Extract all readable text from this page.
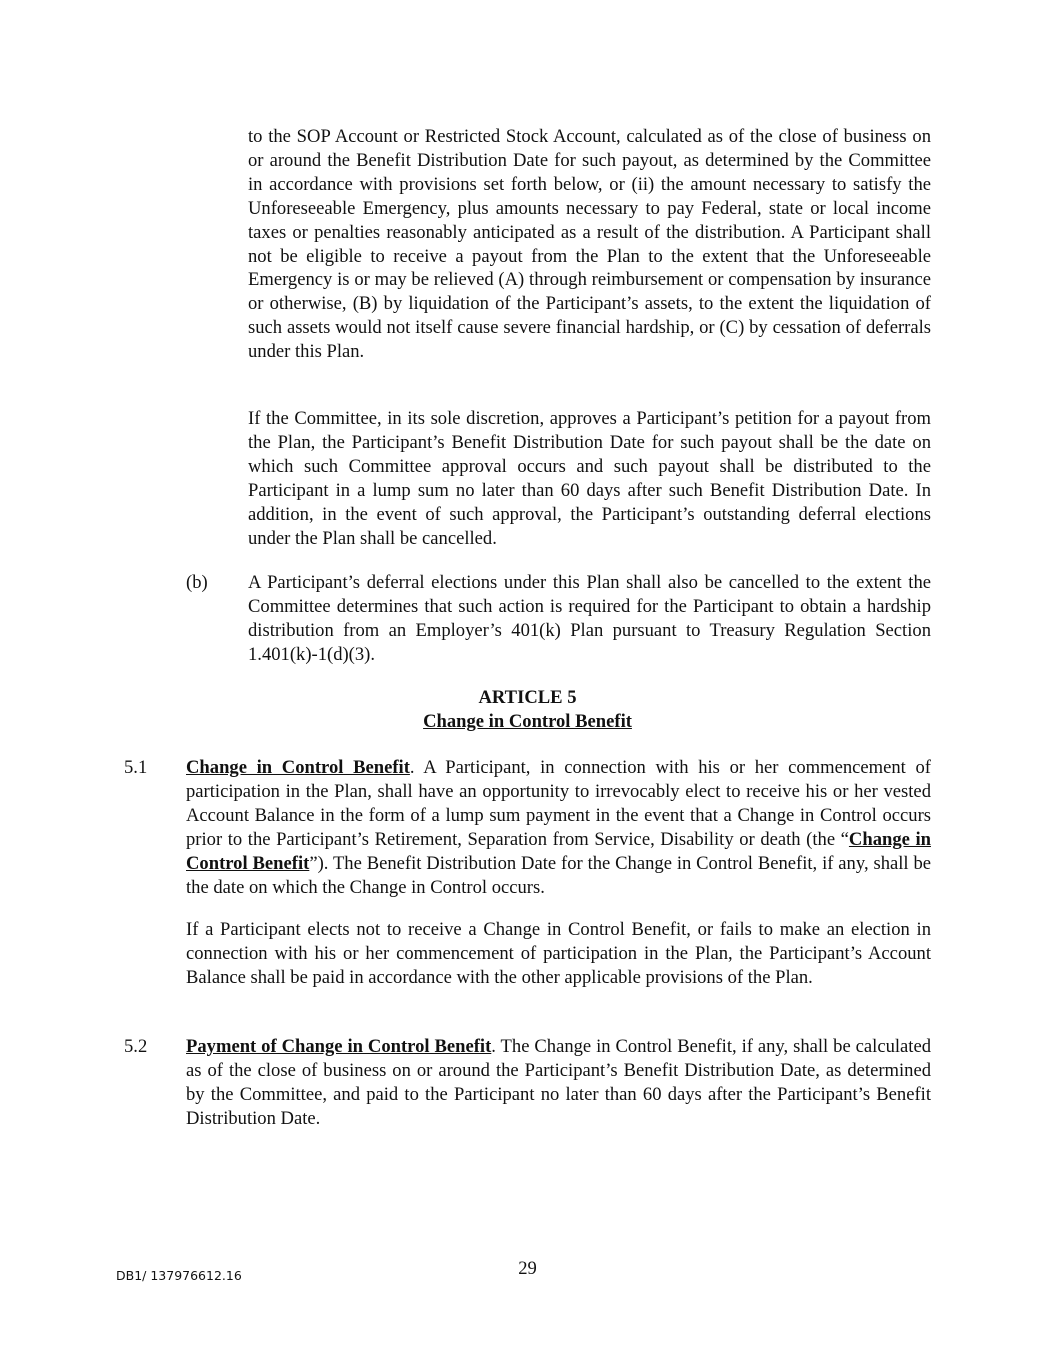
to the SOP Account or Restricted Stock Account, calculated as of the close of business on or around the Benefit Distribution Date for such payout, as determined by the Committee in accordance with provisions set forth below, or (ii) the amount necessary to satisfy the Unforeseeable Emergency, plus amounts necessary to pay Federal, state or local income taxes or penalties reasonably anticipated as a result of the distribution. A Participant shall not be eligible to receive a payout from the Plan to the extent that the Unforeseeable Emergency is or may be relieved (A) through reimbursement or compensation by insurance or otherwise, (B) by liquidation of the Participant’s assets, to the extent the liquidation of such assets would not itself cause severe financial hardship, or (C) by cessation of deferrals under this Plan.

If the Committee, in its sole discretion, approves a Participant’s petition for a payout from the Plan, the Participant’s Benefit Distribution Date for such payout shall be the date on which such Committee approval occurs and such payout shall be distributed to the Participant in a lump sum no later than 60 days after such Benefit Distribution Date. In addition, in the event of such approval, the Participant’s outstanding deferral elections under the Plan shall be cancelled.

(b) A Participant’s deferral elections under this Plan shall also be cancelled to the extent the Committee determines that such action is required for the Participant to obtain a hardship distribution from an Employer’s 401(k) Plan pursuant to Treasury Regulation Section 1.401(k)-1(d)(3).

ARTICLE 5
Change in Control Benefit
5.1 Change in Control Benefit. A Participant, in connection with his or her commencement of participation in the Plan, shall have an opportunity to irrevocably elect to receive his or her vested Account Balance in the form of a lump sum payment in the event that a Change in Control occurs prior to the Participant’s Retirement, Separation from Service, Disability or death (the “Change in Control Benefit”). The Benefit Distribution Date for the Change in Control Benefit, if any, shall be the date on which the Change in Control occurs.

If a Participant elects not to receive a Change in Control Benefit, or fails to make an election in connection with his or her commencement of participation in the Plan, the Participant’s Account Balance shall be paid in accordance with the other applicable provisions of the Plan.

5.2 Payment of Change in Control Benefit. The Change in Control Benefit, if any, shall be calculated as of the close of business on or around the Participant’s Benefit Distribution Date, as determined by the Committee, and paid to the Participant no later than 60 days after the Participant’s Benefit Distribution Date.

DB1/ 137976612.16	29
